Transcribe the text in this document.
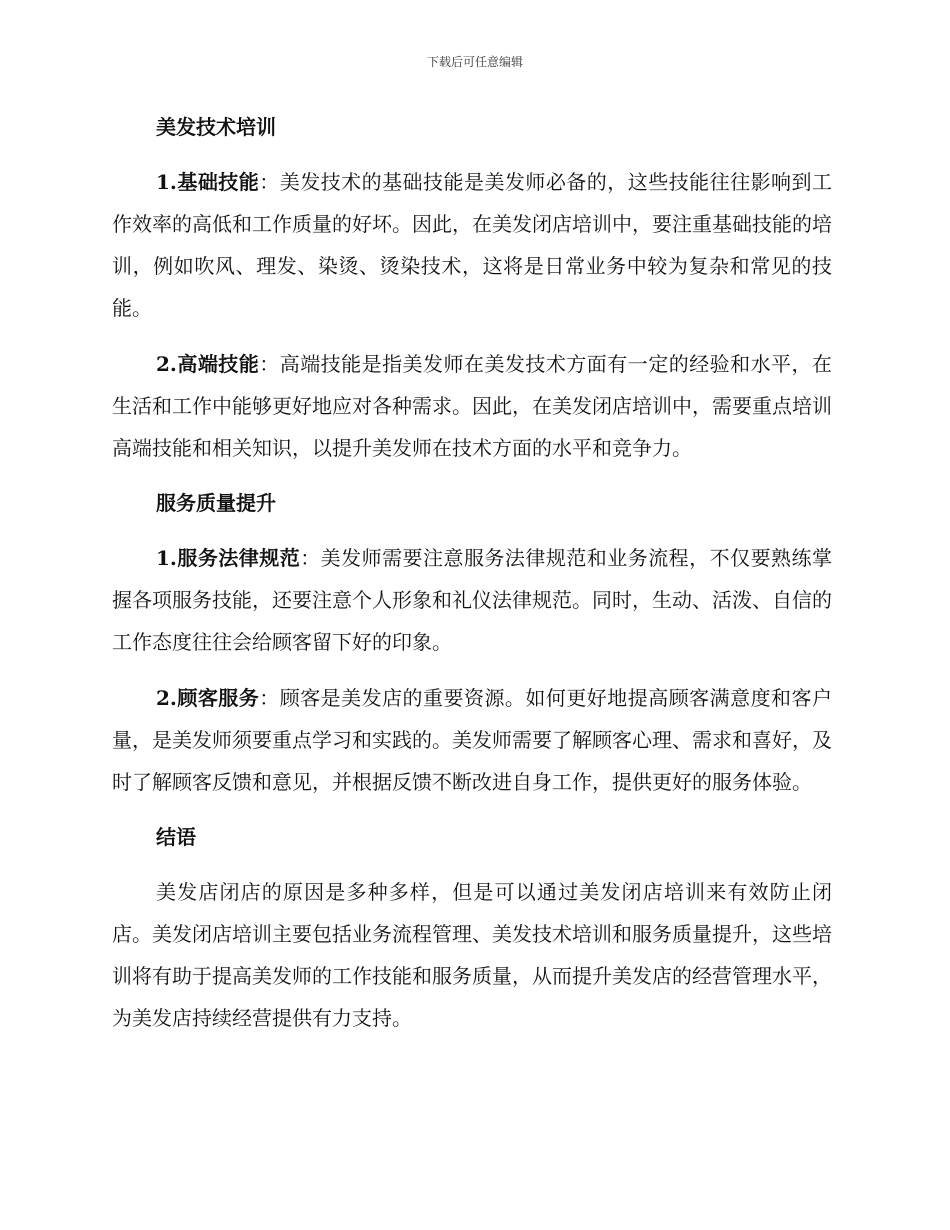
下载后可任意编辑
美发技术培训

1.基础技能：美发技术的基础技能是美发师必备的，这些技能往往影响到工作效率的高低和工作质量的好坏。因此，在美发闭店培训中，要注重基础技能的培训，例如吹风、理发、染烫、烫染技术，这将是日常业务中较为复杂和常见的技能。

2.高端技能：高端技能是指美发师在美发技术方面有一定的经验和水平，在生活和工作中能够更好地应对各种需求。因此，在美发闭店培训中，需要重点培训高端技能和相关知识，以提升美发师在技术方面的水平和竞争力。

服务质量提升

1.服务法律规范：美发师需要注意服务法律规范和业务流程，不仅要熟练掌握各项服务技能，还要注意个人形象和礼仪法律规范。同时，生动、活泼、自信的工作态度往往会给顾客留下好的印象。

2.顾客服务：顾客是美发店的重要资源。如何更好地提高顾客满意度和客户量，是美发师须要重点学习和实践的。美发师需要了解顾客心理、需求和喜好，及时了解顾客反馈和意见，并根据反馈不断改进自身工作，提供更好的服务体验。

结语

美发店闭店的原因是多种多样，但是可以通过美发闭店培训来有效防止闭店。美发闭店培训主要包括业务流程管理、美发技术培训和服务质量提升，这些培训将有助于提高美发师的工作技能和服务质量，从而提升美发店的经营管理水平，为美发店持续经营提供有力支持。
